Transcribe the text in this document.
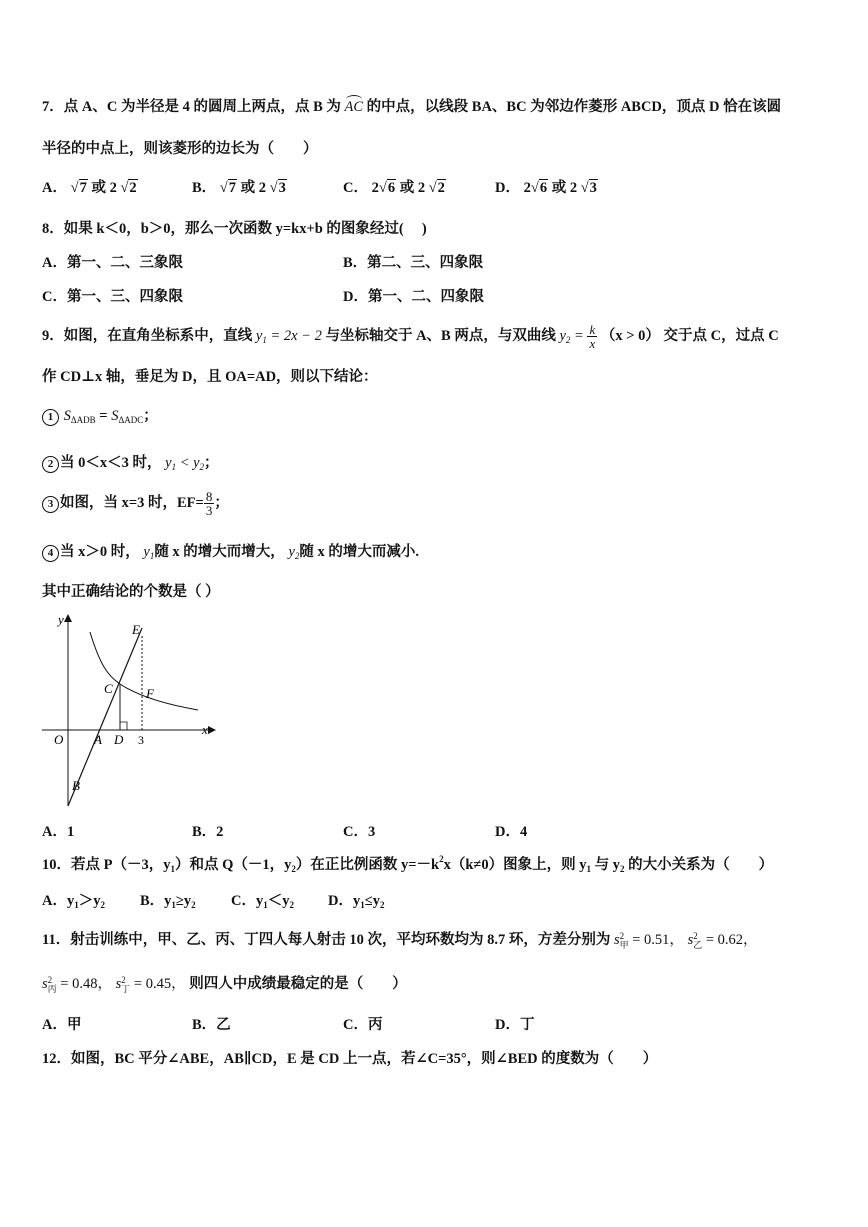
7．点 A、C 为半径是 4 的圆周上两点，点 B 为 AC 的中点，以线段 BA、BC 为邻边作菱形 ABCD，顶点 D 恰在该圆
半径的中点上，则该菱形的边长为（　　）
A． √7 或 2 √2	B． √7 或 2 √3	C． 2√6 或 2 √2	D． 2√6 或 2 √3
8．如果 k＜0，b＞0，那么一次函数 y=kx+b 的图象经过(　 )
A．第一、二、三象限	B．第二、三、四象限
C．第一、三、四象限	D．第一、二、四象限
9．如图，在直角坐标系中，直线 $y_1 = 2x - 2$ 与坐标轴交于 A、B 两点，与双曲线 $y_2 = \frac{k}{x} (x > 0)$ 交于点 C，过点 C
作 CD⊥x 轴，垂足为 D，且 OA=AD，则以下结论：
1 $S_{\Delta ADB} = S_{\Delta ADC}$；
2 当 0＜x＜3 时， $y_1 < y_2$；
3 如图，当 x=3 时，$EF= \frac{8}{3}$ ；
4 当 x＞0 时， $y_1$随 x 的增大而增大， $y_2$随 x 的增大而减小.
其中正确结论的个数是（ ）
y
x
O A D 3
B
C
E
F
A．1	B．2	C．3	D．4
10．若点 P（－3，$y_1$）和点 Q（－1，$y_2$）在正比例函数 $y=-k^2x(k\ne 0)$图象上，则 $y_1$ 与 $y_2$ 的大小关系为（　　）
A．$y_1>y_2$ B．$y_1\ge y_2$ C．$y_1<y_2$ D．$y_1\le y_2$
11．射击训练中，甲、乙、丙、丁四人每人射击 10 次，平均环数均为 8.7 环，方差分别为 s 2
甲 = 0.51， s 2
乙 = 0.62，
s 2
丙 = 0.48， s 2
丁 = 0.45， 则四人中成绩最稳定的是（　　）
A．甲	B．乙	C．丙	D．丁
12．如图，BC 平分∠ABE，AB∥CD，E 是 CD 上一点，若∠C=35°，则∠BED 的度数为（　　）
